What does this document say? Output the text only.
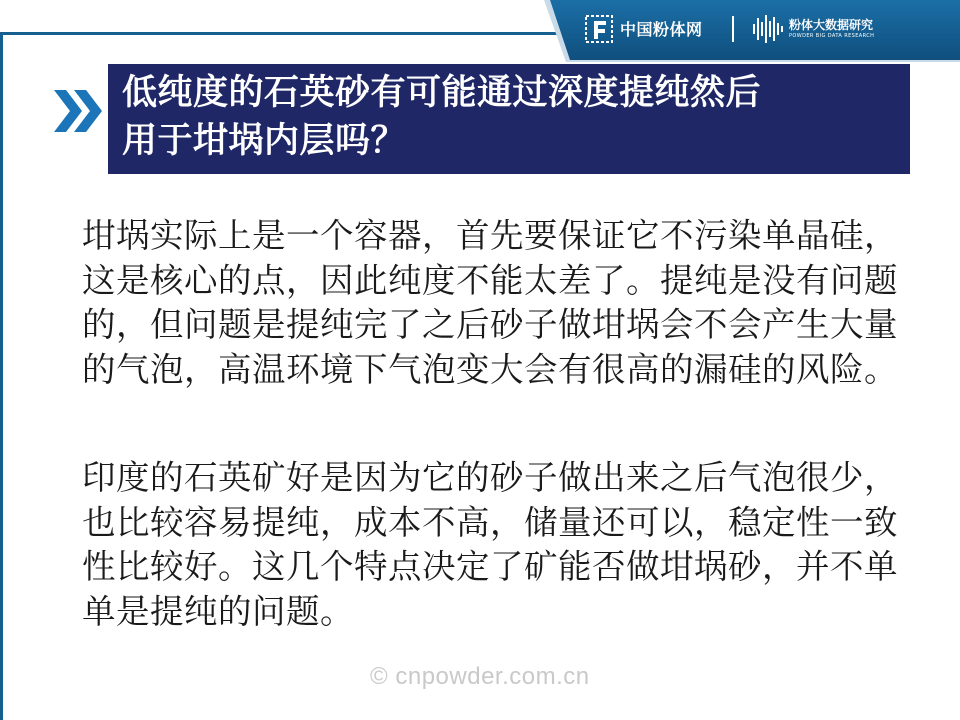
中国粉体网	粉体大数据研究
POWDER BIG DATA RESEARCH

低纯度的石英砂有可能通过深度提纯然后

用于坩埚内层吗？

坩埚实际上是一个容器，首先要保证它不污染单晶硅，这是核心的点，因此纯度不能太差了。提纯是没有问题的，但问题是提纯完了之后砂子做坩埚会不会产生大量的气泡，高温环境下气泡变大会有很高的漏硅的风险。

印度的石英矿好是因为它的砂子做出来之后气泡很少，也比较容易提纯，成本不高，储量还可以，稳定性一致性比较好。这几个特点决定了矿能否做坩埚砂，并不单单是提纯的问题。

© cnpowder.com.cn
